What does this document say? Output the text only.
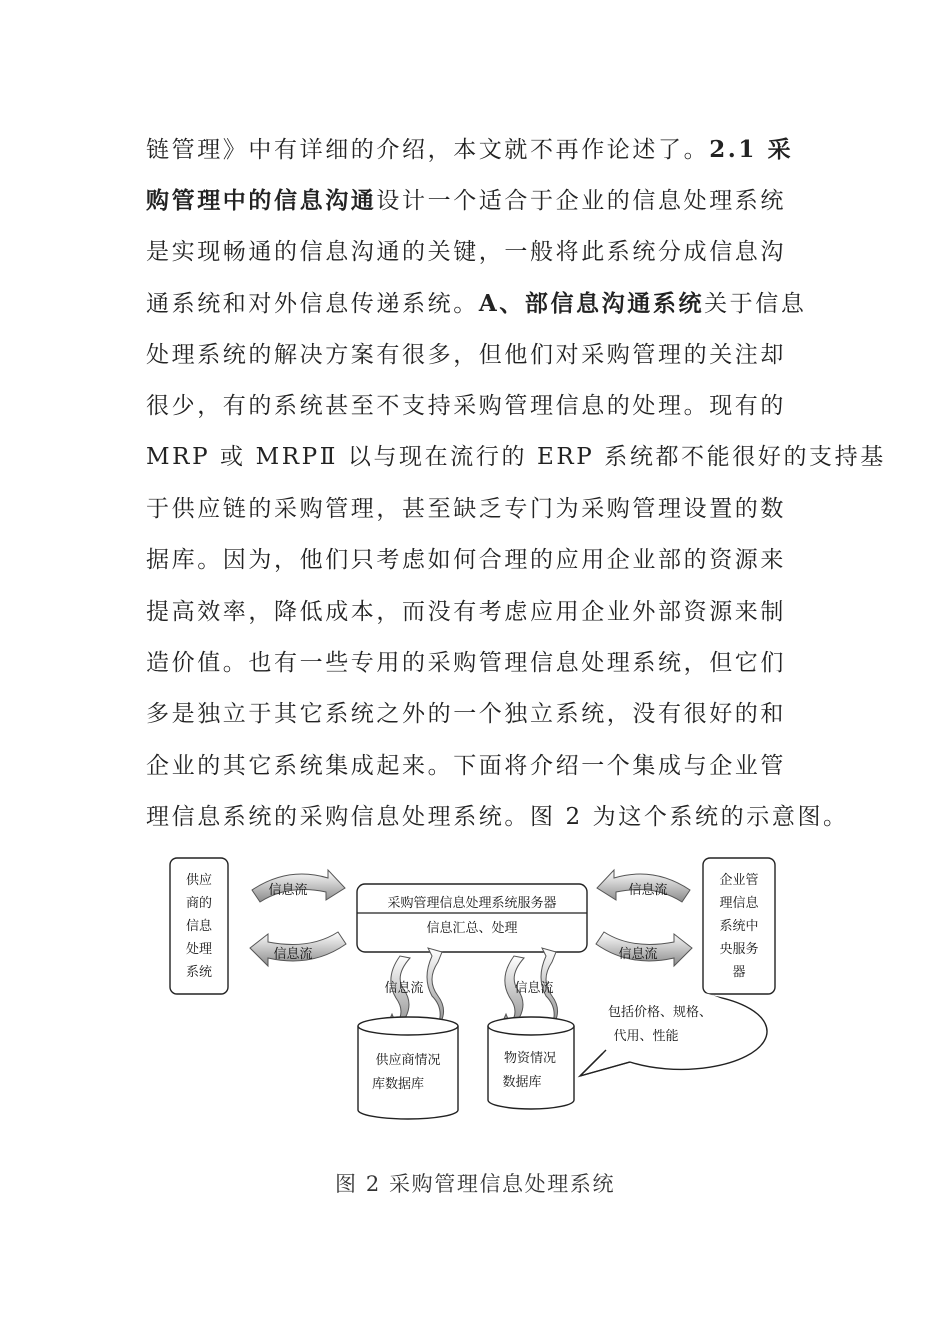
链管理》中有详细的介绍，本文就不再作论述了。2.1 采
购管理中的信息沟通设计一个适合于企业的信息处理系统
是实现畅通的信息沟通的关键，一般将此系统分成信息沟
通系统和对外信息传递系统。A、部信息沟通系统关于信息
处理系统的解决方案有很多，但他们对采购管理的关注却
很少，有的系统甚至不支持采购管理信息的处理。现有的
MRP 或 MRPⅡ 以与现在流行的 ERP 系统都不能很好的支持基
于供应链的采购管理，甚至缺乏专门为采购管理设置的数
据库。因为，他们只考虑如何合理的应用企业部的资源来
提高效率，降低成本，而没有考虑应用企业外部资源来制
造价值。也有一些专用的采购管理信息处理系统，但它们
多是独立于其它系统之外的一个独立系统，没有很好的和
企业的其它系统集成起来。下面将介绍一个集成与企业管
理信息系统的采购信息处理系统。图 2 为这个系统的示意图。
供应
商的
信息
处理
系统
企业管
理信息
系统中
央服务
器
采购管理信息处理系统服务器
信息汇总、处理
信息流
信息流
信息流
信息流
信息流	信息流
供应商情况
库数据库
物资情况
数据库
包括价格、规格、
代用、性能
图 2 采购管理信息处理系统
